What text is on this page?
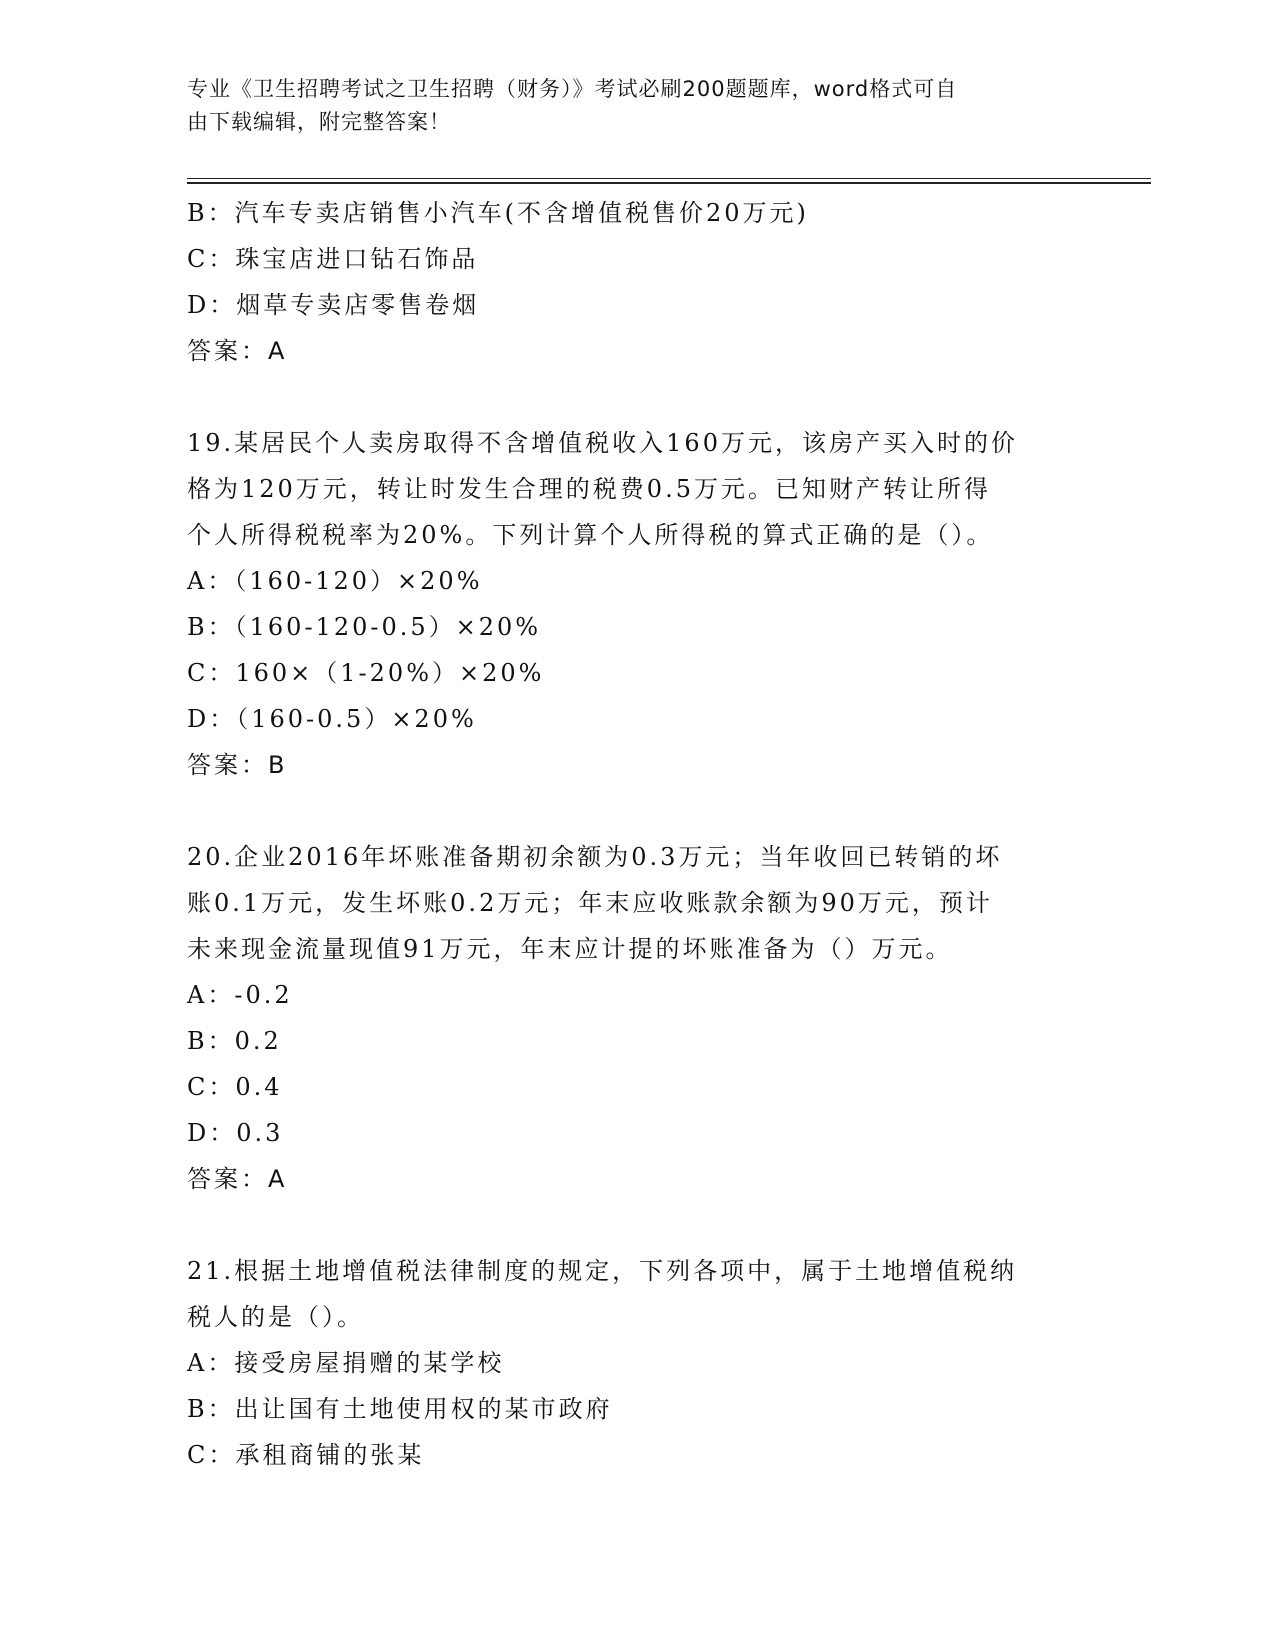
专业《卫生招聘考试之卫生招聘（财务）》考试必刷200题题库，word格式可自
由下载编辑，附完整答案！
B：汽车专卖店销售小汽车(不含增值税售价20万元)
C：珠宝店进口钻石饰品
D：烟草专卖店零售卷烟
答案：A
19.某居民个人卖房取得不含增值税收入160万元，该房产买入时的价
格为120万元，转让时发生合理的税费0.5万元。已知财产转让所得
个人所得税税率为20%。下列计算个人所得税的算式正确的是（）。
A：（160-120）×20%
B：（160-120-0.5）×20%
C：160×（1-20%）×20%
D：（160-0.5）×20%
答案：B
20.企业2016年坏账准备期初余额为0.3万元；当年收回已转销的坏
账0.1万元，发生坏账0.2万元；年末应收账款余额为90万元，预计
未来现金流量现值91万元，年末应计提的坏账准备为（）万元。
A：-0.2
B：0.2
C：0.4
D：0.3
答案：A
21.根据土地增值税法律制度的规定，下列各项中，属于土地增值税纳
税人的是（）。
A：接受房屋捐赠的某学校
B：出让国有土地使用权的某市政府
C：承租商铺的张某
